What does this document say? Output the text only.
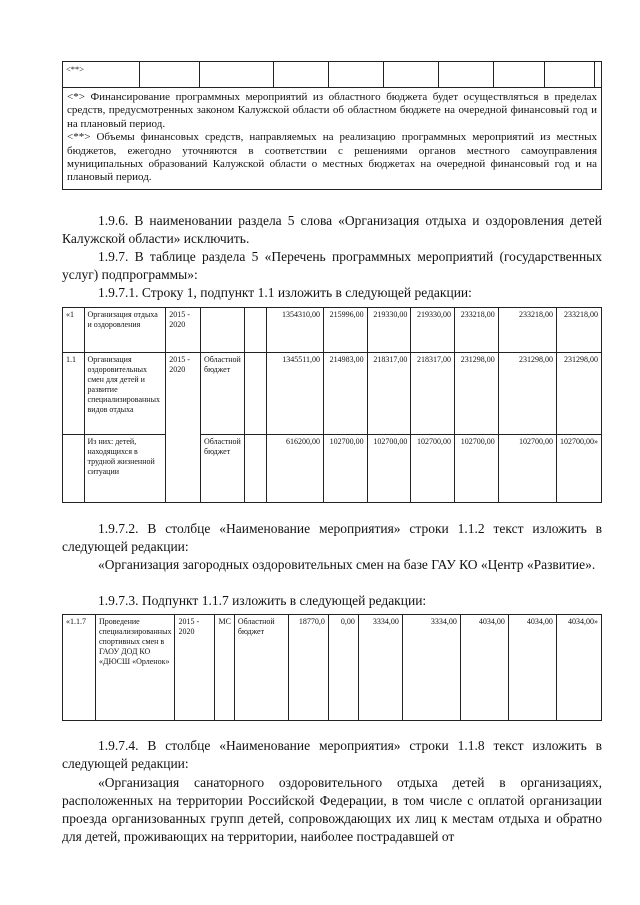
<**>									

<*> Финансирование программных мероприятий из областного бюджета будет осуществляться в пределах средств, предусмотренных законом Калужской области об областном бюджете на очередной финансовый год и на плановый период.
<**> Объемы финансовых средств, направляемых на реализацию программных мероприятий из местных бюджетов, ежегодно уточняются в соответствии с решениями органов местного самоуправления муниципальных образований Калужской области о местных бюджетах на очередной финансовый год и на плановый период.
1.9.6. В наименовании раздела 5 слова «Организация отдыха и оздоровления детей Калужской области» исключить.
1.9.7. В таблице раздела 5 «Перечень программных мероприятий (государственных услуг) подпрограммы»:
1.9.7.1. Строку 1, подпункт 1.1 изложить в следующей редакции:
«1	Организация отдыха и оздоровления	2015 - 2020			1354310,00	215996,00	219330,00	219330,00	233218,00	233218,00	233218,00
1.1	Организация оздоровительных смен для детей и развитие специализированных видов отдыха	2015 - 2020	Областной бюджет		1345511,00	214983,00	218317,00	218317,00	231298,00	231298,00	231298,00
	Из них: детей, находящихся в трудной жизненной ситуации		Областной бюджет		616200,00	102700,00	102700,00	102700,00	102700,00	102700,00	102700,00»
1.9.7.2. В столбце «Наименование мероприятия» строки 1.1.2 текст изложить в следующей редакции:
«Организация загородных оздоровительных смен на базе ГАУ КО «Центр «Развитие».
1.9.7.3. Подпункт 1.1.7 изложить в следующей редакции:
«1.1.7	Проведение специализированных спортивных смен в ГАОУ ДОД КО «ДЮСШ «Орленок»	2015 - 2020	МС	Областной бюджет	18770,0	0,00	3334,00	3334,00	4034,00	4034,00	4034,00»
1.9.7.4. В столбце «Наименование мероприятия» строки 1.1.8 текст изложить в следующей редакции:
«Организация санаторного оздоровительного отдыха детей в организациях, расположенных на территории Российской Федерации, в том числе с оплатой организации проезда организованных групп детей, сопровождающих их лиц к местам отдыха и обратно для детей, проживающих на территории, наиболее пострадавшей от
